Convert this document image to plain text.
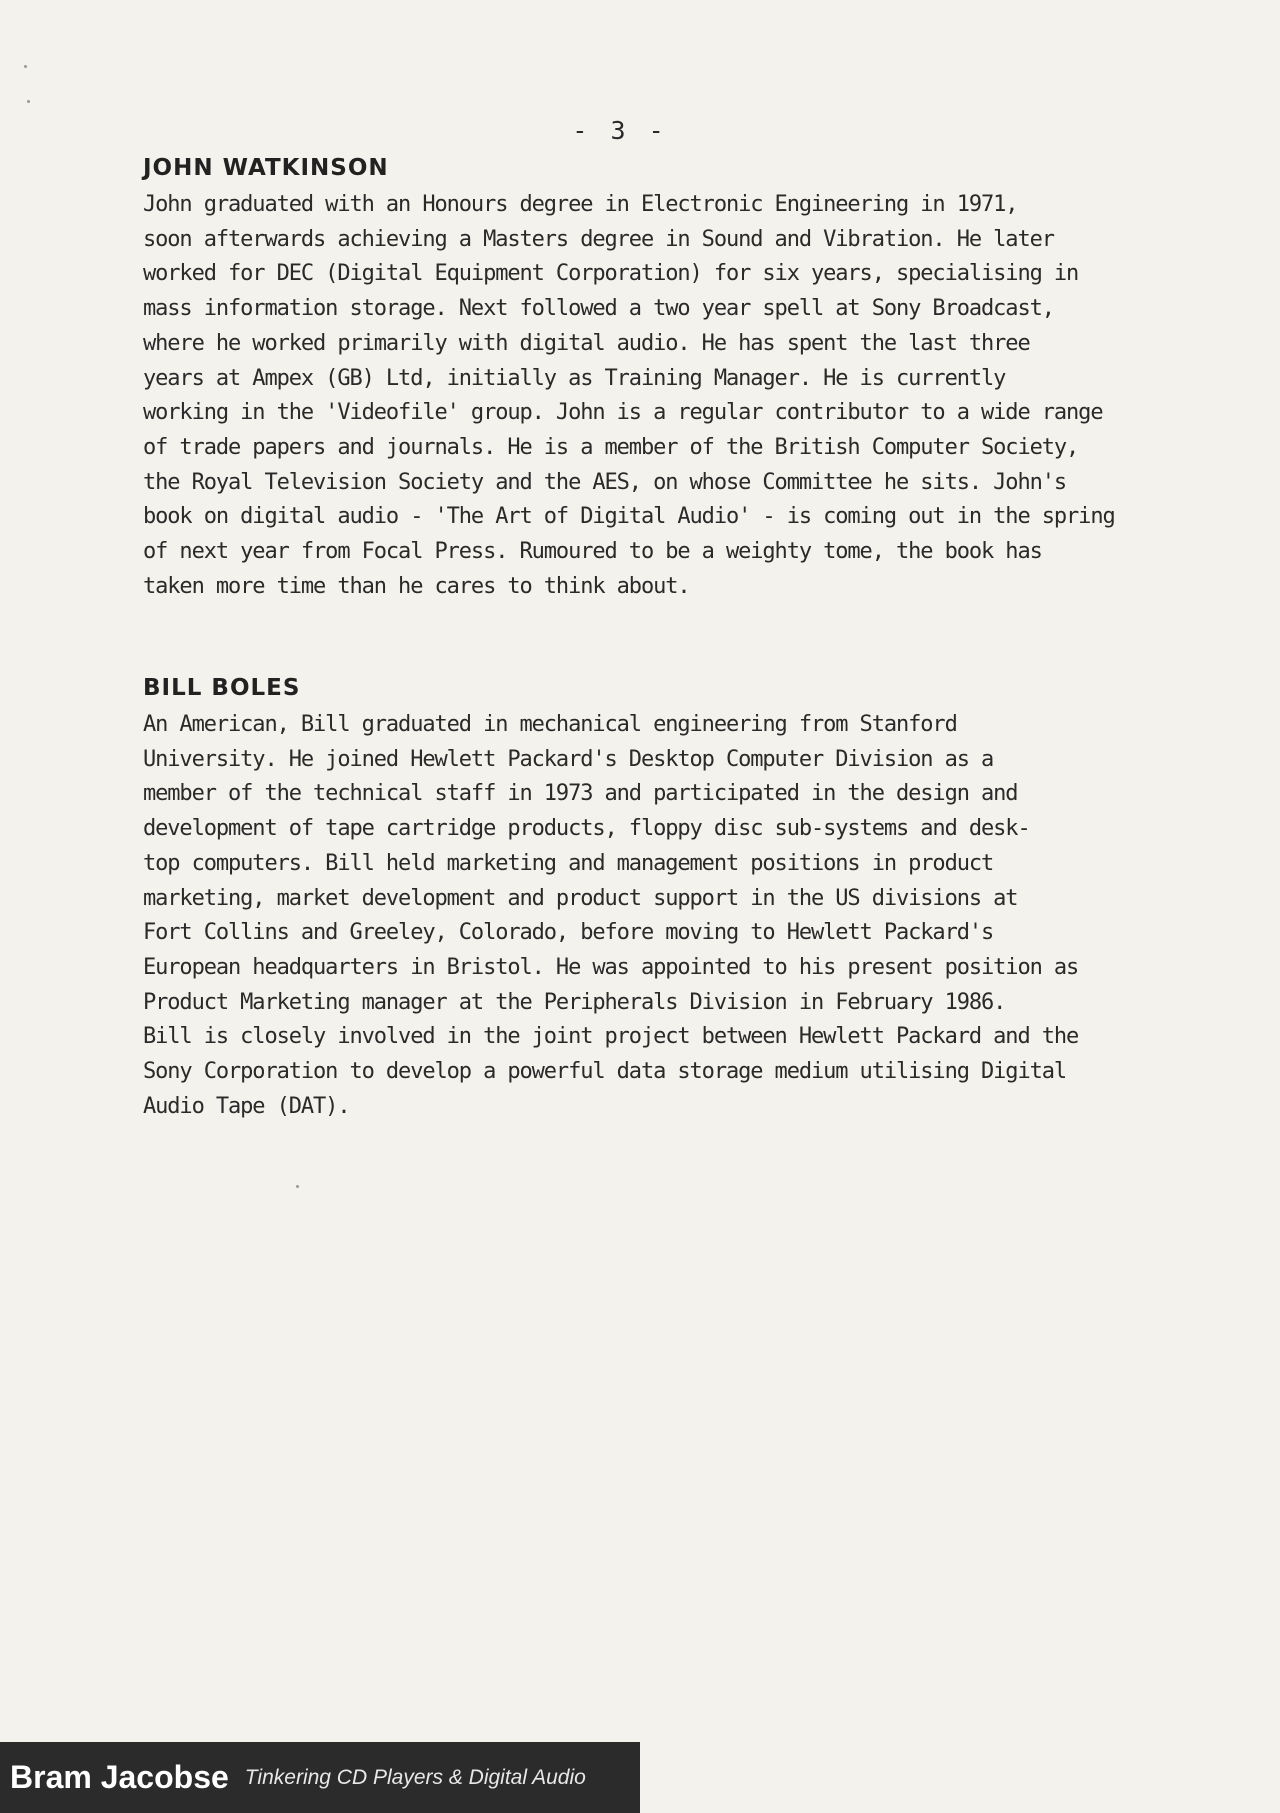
- 3 -
JOHN WATKINSON

John graduated with an Honours degree in Electronic Engineering in 1971,
soon afterwards achieving a Masters degree in Sound and Vibration. He later
worked for DEC (Digital Equipment Corporation) for six years, specialising in
mass information storage. Next followed a two year spell at Sony Broadcast,
where he worked primarily with digital audio. He has spent the last three
years at Ampex (GB) Ltd, initially as Training Manager. He is currently
working in the 'Videofile' group. John is a regular contributor to a wide range
of trade papers and journals. He is a member of the British Computer Society,
the Royal Television Society and the AES, on whose Committee he sits. John's
book on digital audio - 'The Art of Digital Audio' - is coming out in the spring
of next year from Focal Press. Rumoured to be a weighty tome, the book has
taken more time than he cares to think about.

BILL BOLES

An American, Bill graduated in mechanical engineering from Stanford
University. He joined Hewlett Packard's Desktop Computer Division as a
member of the technical staff in 1973 and participated in the design and
development of tape cartridge products, floppy disc sub-systems and desk-
top computers. Bill held marketing and management positions in product
marketing, market development and product support in the US divisions at
Fort Collins and Greeley, Colorado, before moving to Hewlett Packard's
European headquarters in Bristol. He was appointed to his present position as
Product Marketing manager at the Peripherals Division in February 1986.
Bill is closely involved in the joint project between Hewlett Packard and the
Sony Corporation to develop a powerful data storage medium utilising Digital
Audio Tape (DAT).

Bram Jacobse Tinkering CD Players & Digital Audio
